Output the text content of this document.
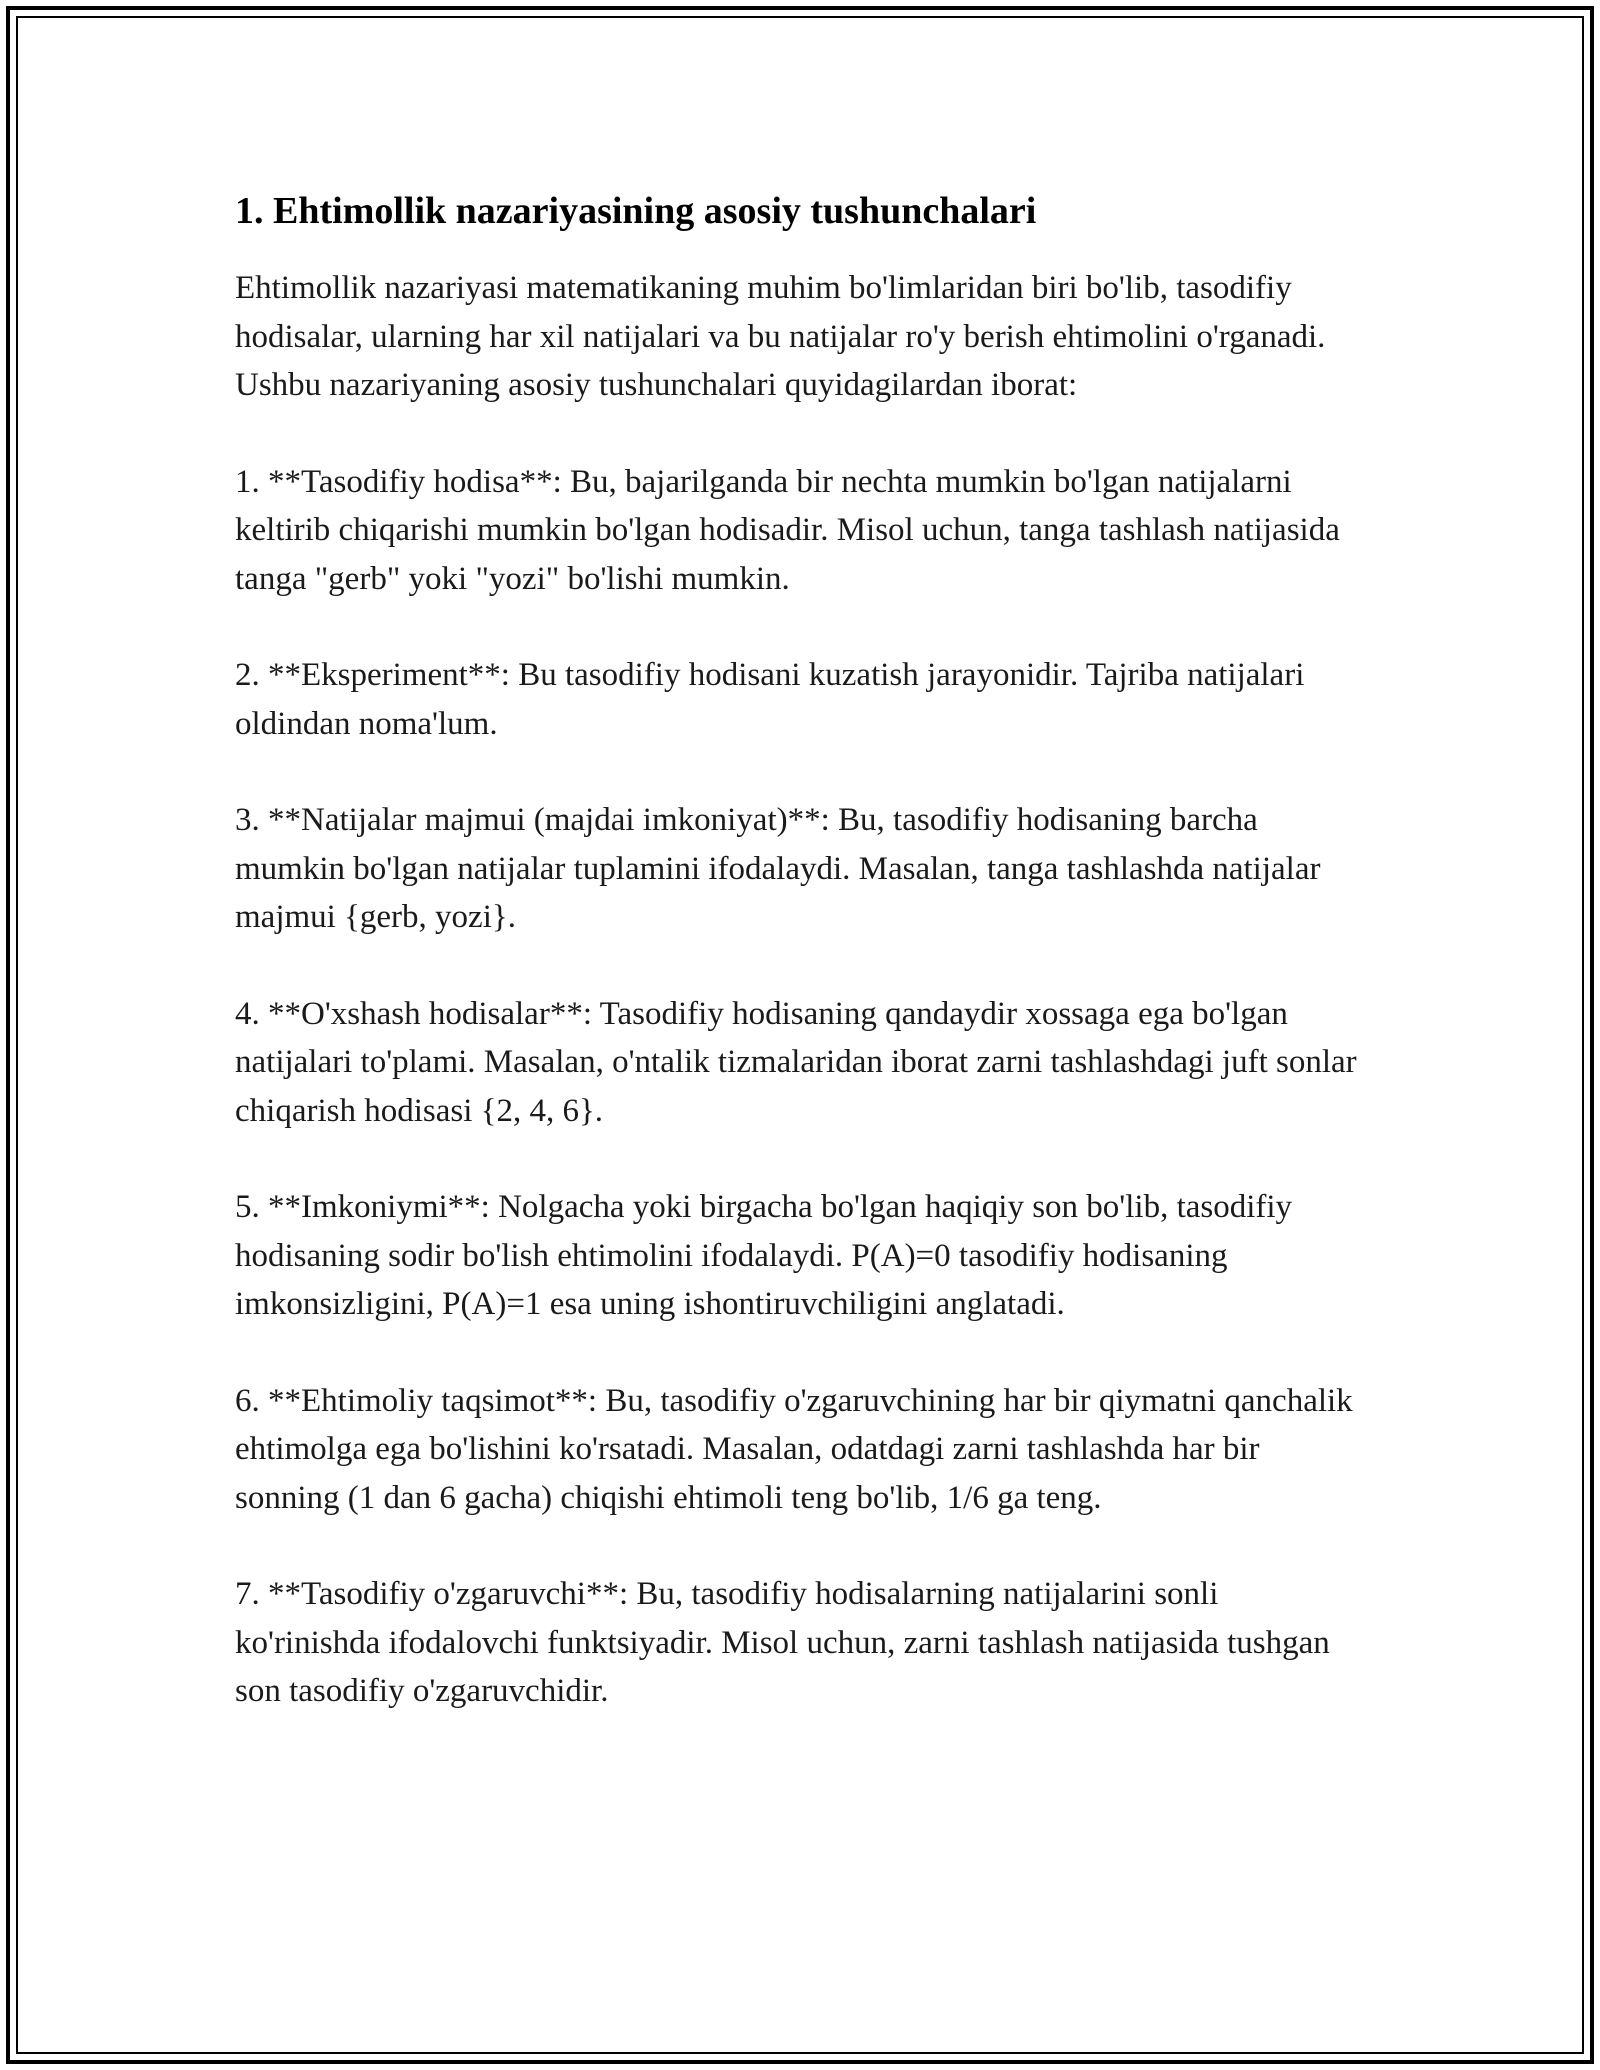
1. Ehtimollik nazariyasining asosiy tushunchalari

Ehtimollik nazariyasi matematikaning muhim bo'limlaridan biri bo'lib, tasodifiy hodisalar, ularning har xil natijalari va bu natijalar ro'y berish ehtimolini o'rganadi. Ushbu nazariyaning asosiy tushunchalari quyidagilardan iborat:

1. **Tasodifiy hodisa**: Bu, bajarilganda bir nechta mumkin bo'lgan natijalarni keltirib chiqarishi mumkin bo'lgan hodisadir. Misol uchun, tanga tashlash natijasida tanga "gerb" yoki "yozi" bo'lishi mumkin.

2. **Eksperiment**: Bu tasodifiy hodisani kuzatish jarayonidir. Tajriba natijalari oldindan noma'lum.

3. **Natijalar majmui (majdai imkoniyat)**: Bu, tasodifiy hodisaning barcha mumkin bo'lgan natijalar tuplamini ifodalaydi. Masalan, tanga tashlashda natijalar majmui {gerb, yozi}.

4. **O'xshash hodisalar**: Tasodifiy hodisaning qandaydir xossaga ega bo'lgan natijalari to'plami. Masalan, o'ntalik tizmalaridan iborat zarni tashlashdagi juft sonlar chiqarish hodisasi {2, 4, 6}.

5. **Imkoniymi**: Nolgacha yoki birgacha bo'lgan haqiqiy son bo'lib, tasodifiy hodisaning sodir bo'lish ehtimolini ifodalaydi. P(A)=0 tasodifiy hodisaning imkonsizligini, P(A)=1 esa uning ishontiruvchiligini anglatadi.

6. **Ehtimoliy taqsimot**: Bu, tasodifiy o'zgaruvchining har bir qiymatni qanchalik ehtimolga ega bo'lishini ko'rsatadi. Masalan, odatdagi zarni tashlashda har bir sonning (1 dan 6 gacha) chiqishi ehtimoli teng bo'lib, 1/6 ga teng.

7. **Tasodifiy o'zgaruvchi**: Bu, tasodifiy hodisalarning natijalarini sonli ko'rinishda ifodalovchi funktsiyadir. Misol uchun, zarni tashlash natijasida tushgan son tasodifiy o'zgaruvchidir.
